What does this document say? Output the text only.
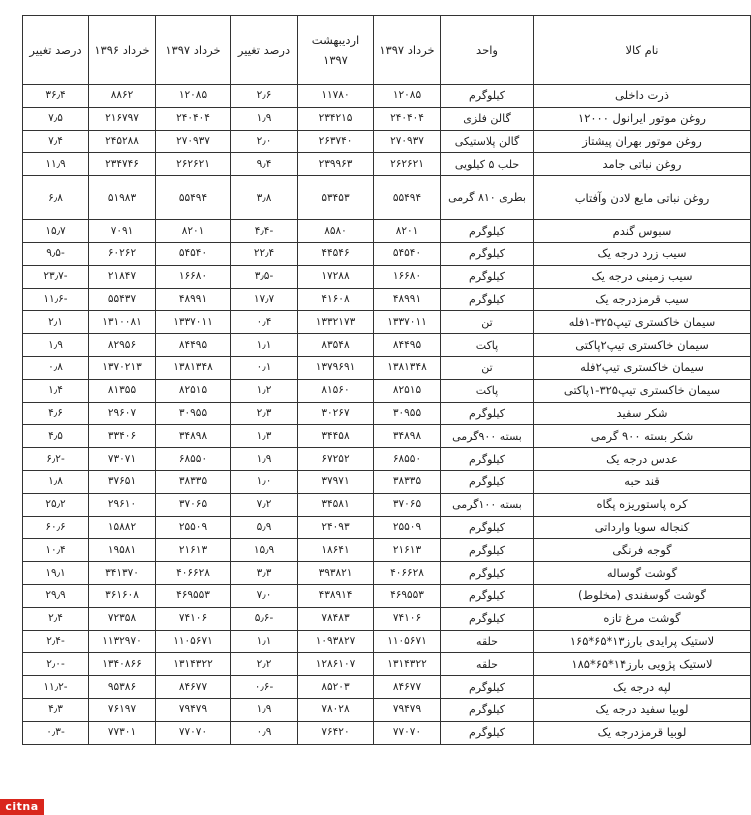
نام کالا	واحد	خرداد ۱۳۹۷	اردیبهشت ۱۳۹۷	درصد تغییر	خرداد ۱۳۹۷	خرداد ۱۳۹۶	درصد تغییر
ذرت داخلی	کیلوگرم	۱۲۰۸۵	۱۱۷۸۰	۲٫۶	۱۲۰۸۵	۸۸۶۲	۳۶٫۴
روغن موتور ایرانول ۱۲۰۰۰	گالن فلزی	۲۴۰۴۰۴	۲۳۴۲۱۵	۱٫۹	۲۴۰۴۰۴	۲۱۶۷۹۷	۷٫۵
روغن موتور بهران پیشتاز	گالن پلاستیکی	۲۷۰۹۳۷	۲۶۳۷۴۰	۲٫۰	۲۷۰۹۳۷	۲۴۵۲۸۸	۷٫۴
روغن نباتی جامد	حلب ۵ کیلویی	۲۶۲۶۲۱	۲۳۹۹۶۳	۹٫۴	۲۶۲۶۲۱	۲۳۴۷۴۶	۱۱٫۹
روغن نباتی مایع لادن وآفتاب	بطری ۸۱۰ گرمی	۵۵۴۹۴	۵۳۴۵۳	۳٫۸	۵۵۴۹۴	۵۱۹۸۳	۶٫۸
سبوس گندم	کیلوگرم	۸۲۰۱	۸۵۸۰	-۴٫۴	۸۲۰۱	۷۰۹۱	۱۵٫۷
سیب زرد درجه یک	کیلوگرم	۵۴۵۴۰	۴۴۵۴۶	۲۲٫۴	۵۴۵۴۰	۶۰۲۶۲	-۹٫۵
سیب زمینی درجه یک	کیلوگرم	۱۶۶۸۰	۱۷۲۸۸	-۳٫۵	۱۶۶۸۰	۲۱۸۴۷	-۲۳٫۷
سیب قرمزدرجه یک	کیلوگرم	۴۸۹۹۱	۴۱۶۰۸	۱۷٫۷	۴۸۹۹۱	۵۵۴۳۷	-۱۱٫۶
سیمان خاکستری تیپ۳۲۵-۱فله	تن	۱۳۳۷۰۱۱	۱۳۳۲۱۷۳	۰٫۴	۱۳۳۷۰۱۱	۱۳۱۰۰۸۱	۲٫۱
سیمان خاکستری تیپ۲پاکتی	پاکت	۸۴۴۹۵	۸۳۵۴۸	۱٫۱	۸۴۴۹۵	۸۲۹۵۶	۱٫۹
سیمان خاکستری تیپ۲فله	تن	۱۳۸۱۳۴۸	۱۳۷۹۶۹۱	۰٫۱	۱۳۸۱۳۴۸	۱۳۷۰۲۱۳	۰٫۸
سیمان خاکستری تیپ۳۲۵-۱پاکتی	پاکت	۸۲۵۱۵	۸۱۵۶۰	۱٫۲	۸۲۵۱۵	۸۱۳۵۵	۱٫۴
شکر سفید	کیلوگرم	۳۰۹۵۵	۳۰۲۶۷	۲٫۳	۳۰۹۵۵	۲۹۶۰۷	۴٫۶
شکر بسته ۹۰۰ گرمی	بسته ۹۰۰گرمی	۳۴۸۹۸	۳۴۴۵۸	۱٫۳	۳۴۸۹۸	۳۳۴۰۶	۴٫۵
عدس درجه یک	کیلوگرم	۶۸۵۵۰	۶۷۲۵۲	۱٫۹	۶۸۵۵۰	۷۳۰۷۱	-۶٫۲
قند حبه	کیلوگرم	۳۸۳۳۵	۳۷۹۷۱	۱٫۰	۳۸۳۳۵	۳۷۶۵۱	۱٫۸
کره پاستوریزه پگاه	بسته ۱۰۰گرمی	۳۷۰۶۵	۳۴۵۸۱	۷٫۲	۳۷۰۶۵	۲۹۶۱۰	۲۵٫۲
کنجاله سویا وارداتی	کیلوگرم	۲۵۵۰۹	۲۴۰۹۳	۵٫۹	۲۵۵۰۹	۱۵۸۸۲	۶۰٫۶
گوجه فرنگی	کیلوگرم	۲۱۶۱۳	۱۸۶۴۱	۱۵٫۹	۲۱۶۱۳	۱۹۵۸۱	۱۰٫۴
گوشت گوساله	کیلوگرم	۴۰۶۶۲۸	۳۹۳۸۲۱	۳٫۳	۴۰۶۶۲۸	۳۴۱۳۷۰	۱۹٫۱
گوشت گوسفندی (مخلوط)	کیلوگرم	۴۶۹۵۵۳	۴۳۸۹۱۴	۷٫۰	۴۶۹۵۵۳	۳۶۱۶۰۸	۲۹٫۹
گوشت مرغ تازه	کیلوگرم	۷۴۱۰۶	۷۸۴۸۳	-۵٫۶	۷۴۱۰۶	۷۲۳۵۸	۲٫۴
لاستیک پرایدی بارز۱۳*۶۵*۱۶۵	حلقه	۱۱۰۵۶۷۱	۱۰۹۳۸۲۷	۱٫۱	۱۱۰۵۶۷۱	۱۱۳۲۹۷۰	-۲٫۴
لاستیک پژویی بارز۱۴*۶۵*۱۸۵	حلقه	۱۳۱۴۳۲۲	۱۲۸۶۱۰۷	۲٫۲	۱۳۱۴۳۲۲	۱۳۴۰۸۶۶	-۲٫۰
لپه درجه یک	کیلوگرم	۸۴۶۷۷	۸۵۲۰۳	-۰٫۶	۸۴۶۷۷	۹۵۳۸۶	-۱۱٫۲
لوبیا سفید درجه یک	کیلوگرم	۷۹۴۷۹	۷۸۰۲۸	۱٫۹	۷۹۴۷۹	۷۶۱۹۷	۴٫۳
لوبیا قرمزدرجه یک	کیلوگرم	۷۷۰۷۰	۷۶۴۲۰	۰٫۹	۷۷۰۷۰	۷۷۳۰۱	-۰٫۳
citna
